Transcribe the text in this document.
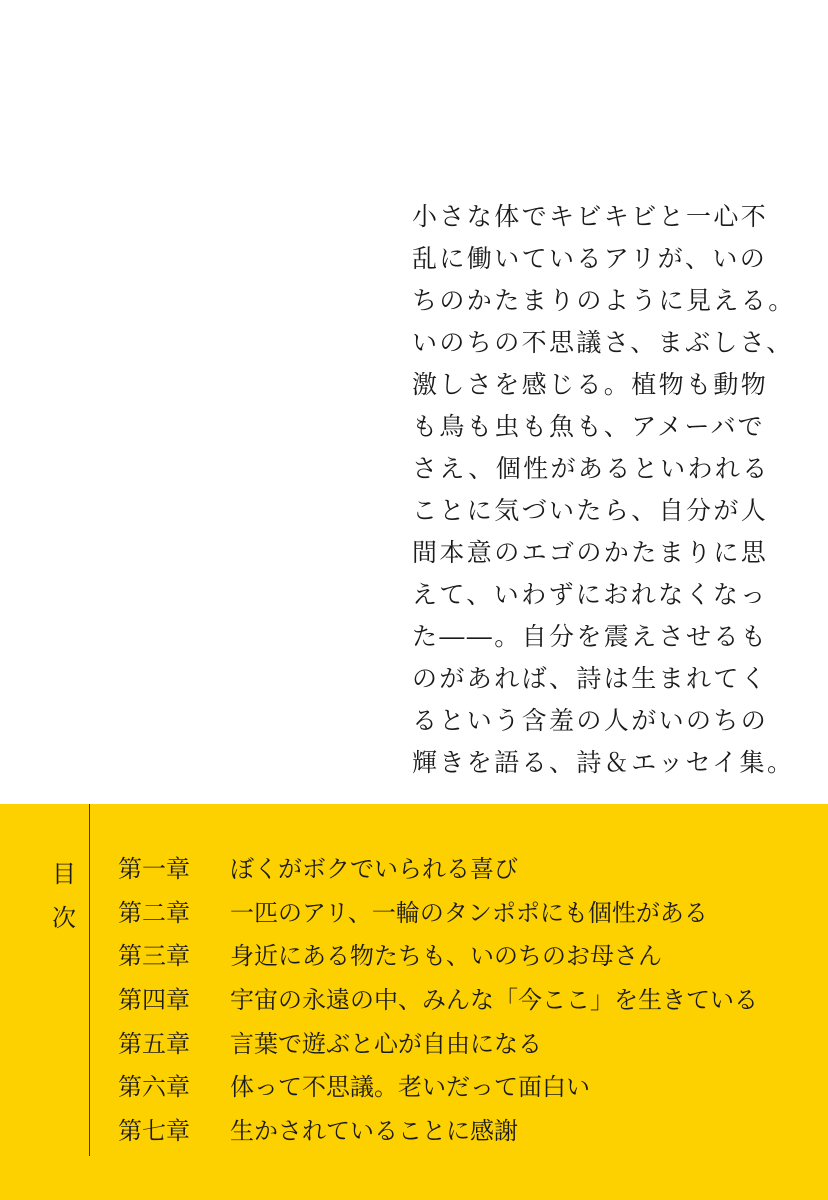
小さな体でキビキビと一心不
乱に働いているアリが、いの
ちのかたまりのように見える。
いのちの不思議さ、まぶしさ、
激しさを感じる。植物も動物
も鳥も虫も魚も、アメーバで
さえ、個性があるといわれる
ことに気づいたら、自分が人
間本意のエゴのかたまりに思
えて、いわずにおれなくなっ
た――。自分を震えさせるも
のがあれば、詩は生まれてく
るという含羞の人がいのちの
輝きを語る、詩＆エッセイ集。
目
次
第一章	ぼくがボクでいられる喜び
第二章	一匹のアリ、一輪のタンポポにも個性がある
第三章	身近にある物たちも、いのちのお母さん
第四章	宇宙の永遠の中、みんな「今ここ」を生きている
第五章	言葉で遊ぶと心が自由になる
第六章	体って不思議。老いだって面白い
第七章	生かされていることに感謝
